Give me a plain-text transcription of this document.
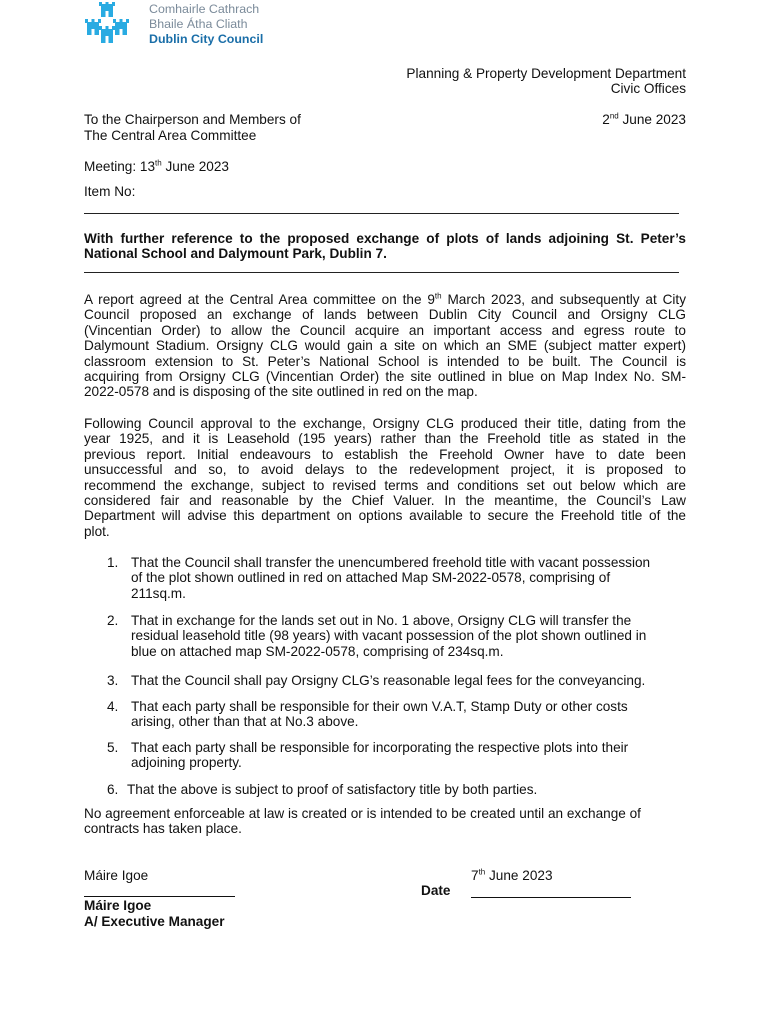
Comhairle Cathrach
Bhaile Átha Cliath
Dublin City Council
Planning & Property Development Department
Civic Offices
2nd June 2023
To the Chairperson and Members of
The Central Area Committee
Meeting: 13th June 2023
Item No:
With further reference to the proposed exchange of plots of lands adjoining St. Peter’s
National School and Dalymount Park, Dublin 7.
A report agreed at the Central Area committee on the 9th March 2023, and subsequently at City
Council proposed an exchange of lands between Dublin City Council and Orsigny CLG
(Vincentian Order) to allow the Council acquire an important access and egress route to
Dalymount Stadium. Orsigny CLG would gain a site on which an SME (subject matter expert)
classroom extension to St. Peter’s National School is intended to be built. The Council is
acquiring from Orsigny CLG (Vincentian Order) the site outlined in blue on Map Index No. SM-
2022-0578 and is disposing of the site outlined in red on the map.
Following Council approval to the exchange, Orsigny CLG produced their title, dating from the
year 1925, and it is Leasehold (195 years) rather than the Freehold title as stated in the
previous report. Initial endeavours to establish the Freehold Owner have to date been
unsuccessful and so, to avoid delays to the redevelopment project, it is proposed to
recommend the exchange, subject to revised terms and conditions set out below which are
considered fair and reasonable by the Chief Valuer. In the meantime, the Council’s Law
Department will advise this department on options available to secure the Freehold title of the
plot.
1. That the Council shall transfer the unencumbered freehold title with vacant possession
of the plot shown outlined in red on attached Map SM-2022-0578, comprising of
211sq.m.
2. That in exchange for the lands set out in No. 1 above, Orsigny CLG will transfer the
residual leasehold title (98 years) with vacant possession of the plot shown outlined in
blue on attached map SM-2022-0578, comprising of 234sq.m.
3. That the Council shall pay Orsigny CLG’s reasonable legal fees for the conveyancing.
4. That each party shall be responsible for their own V.A.T, Stamp Duty or other costs
arising, other than that at No.3 above.
5. That each party shall be responsible for incorporating the respective plots into their
adjoining property.
6. That the above is subject to proof of satisfactory title by both parties.
No agreement enforceable at law is created or is intended to be created until an exchange of
contracts has taken place.
Máire Igoe	7th June 2023
Date
Máire Igoe
A/ Executive Manager
